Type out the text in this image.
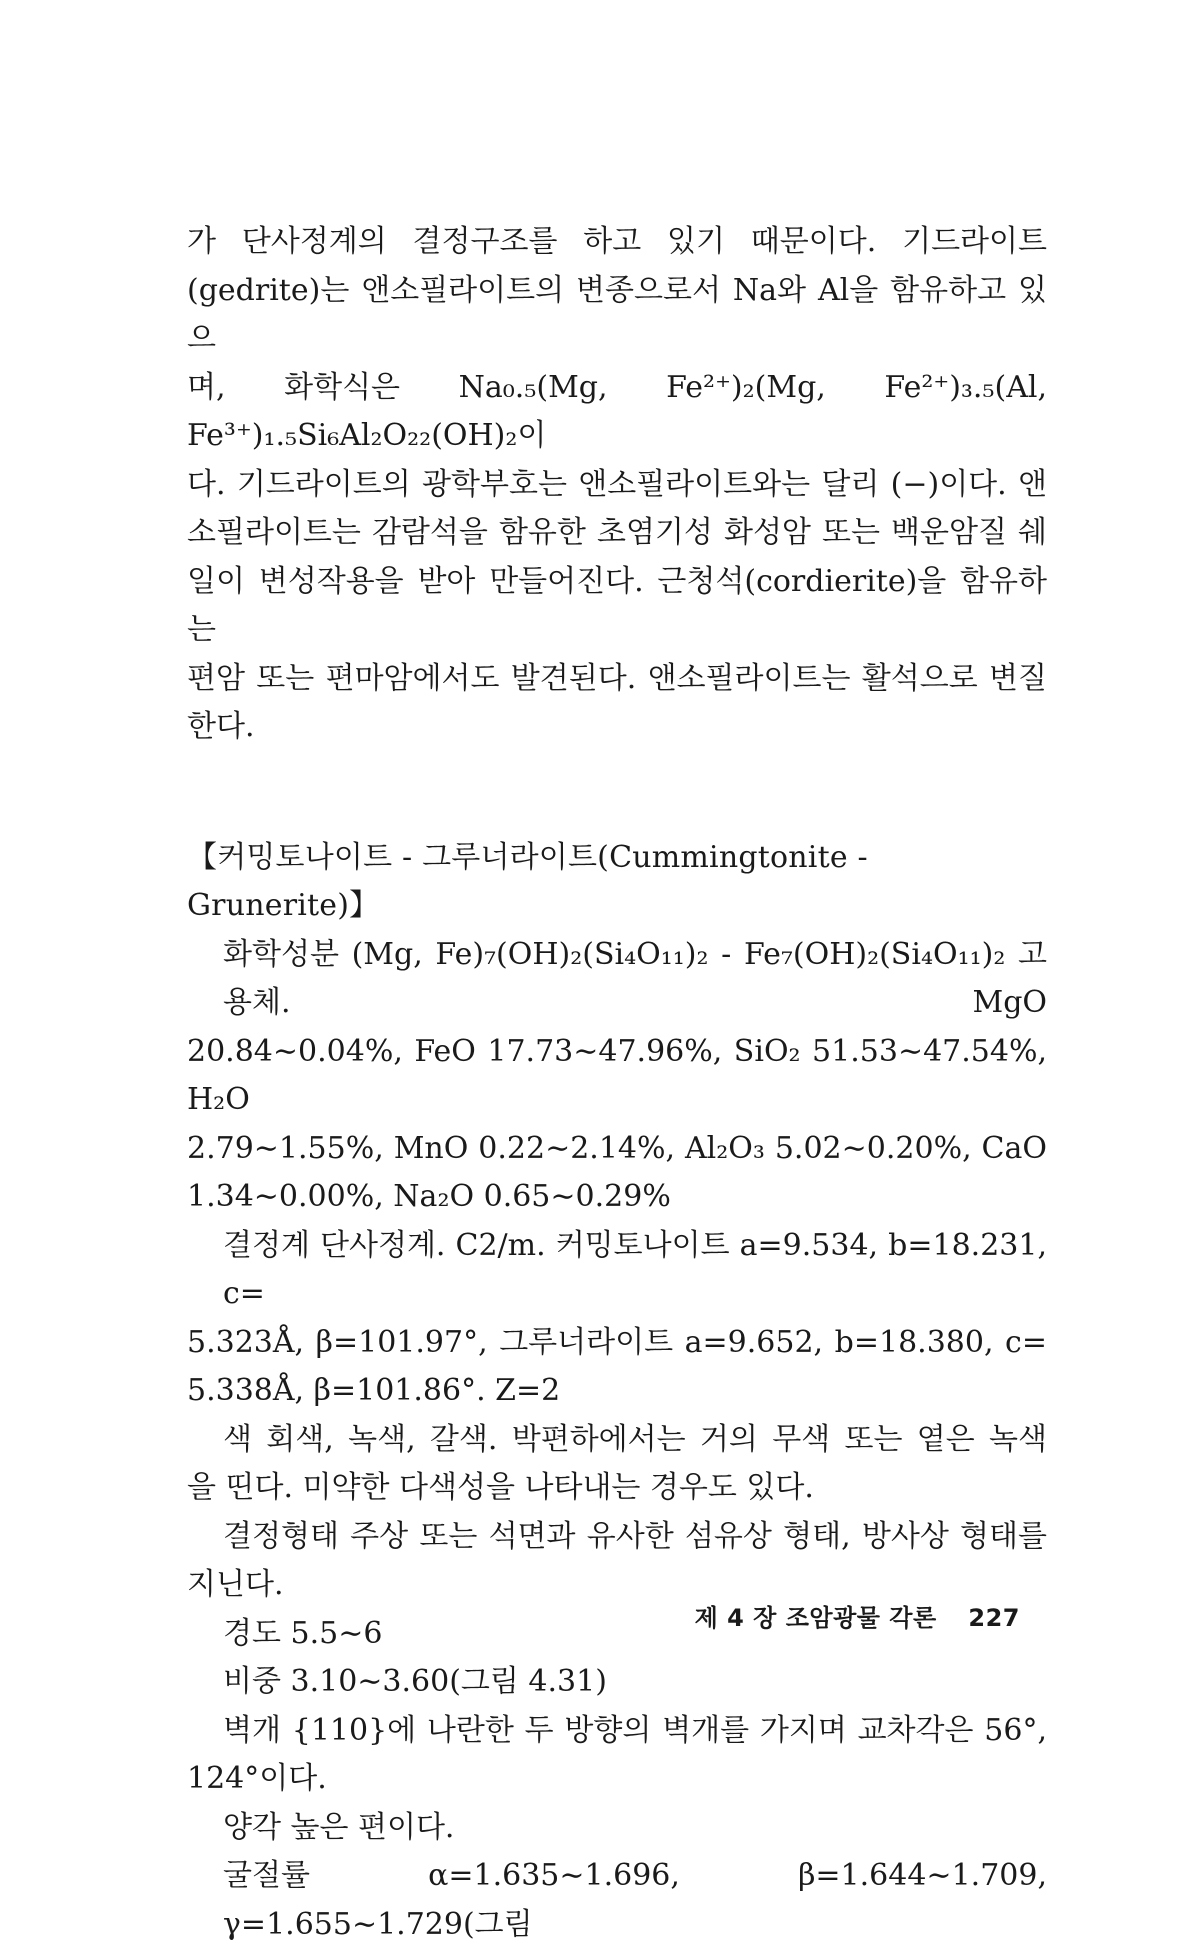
가 단사정계의 결정구조를 하고 있기 때문이다. 기드라이트

(gedrite)는 앤소필라이트의 변종으로서 Na와 Al을 함유하고 있으

며, 화학식은 Na₀.₅(Mg, Fe²⁺)₂(Mg, Fe²⁺)₃.₅(Al, Fe³⁺)₁.₅Si₆Al₂O₂₂(OH)₂이

다. 기드라이트의 광학부호는 앤소필라이트와는 달리 (−)이다. 앤

소필라이트는 감람석을 함유한 초염기성 화성암 또는 백운암질 쉐

일이 변성작용을 받아 만들어진다. 근청석(cordierite)을 함유하는

편암 또는 편마암에서도 발견된다. 앤소필라이트는 활석으로 변질

한다.

【커밍토나이트 - 그루너라이트(Cummingtonite - Grunerite)】

화학성분 (Mg, Fe)₇(OH)₂(Si₄O₁₁)₂ - Fe₇(OH)₂(Si₄O₁₁)₂ 고용체. MgO

20.84∼0.04%, FeO 17.73∼47.96%, SiO₂ 51.53∼47.54%, H₂O

2.79∼1.55%, MnO 0.22∼2.14%, Al₂O₃ 5.02∼0.20%, CaO

1.34∼0.00%, Na₂O 0.65∼0.29%

결정계 단사정계. C2/m. 커밍토나이트 a=9.534, b=18.231, c=

5.323Å, β=101.97°, 그루너라이트 a=9.652, b=18.380, c=

5.338Å, β=101.86°. Z=2

색 회색, 녹색, 갈색. 박편하에서는 거의 무색 또는 옅은 녹색

을 띤다. 미약한 다색성을 나타내는 경우도 있다.

결정형태 주상 또는 석면과 유사한 섬유상 형태, 방사상 형태를

지닌다.

경도 5.5∼6

비중 3.10∼3.60(그림 4.31)

벽개 {110}에 나란한 두 방향의 벽개를 가지며 교차각은 56°,

124°이다.

양각 높은 편이다.

굴절률 α=1.635∼1.696, β=1.644∼1.709, γ=1.655∼1.729(그림

제 4 장 조암광물 각론 227
